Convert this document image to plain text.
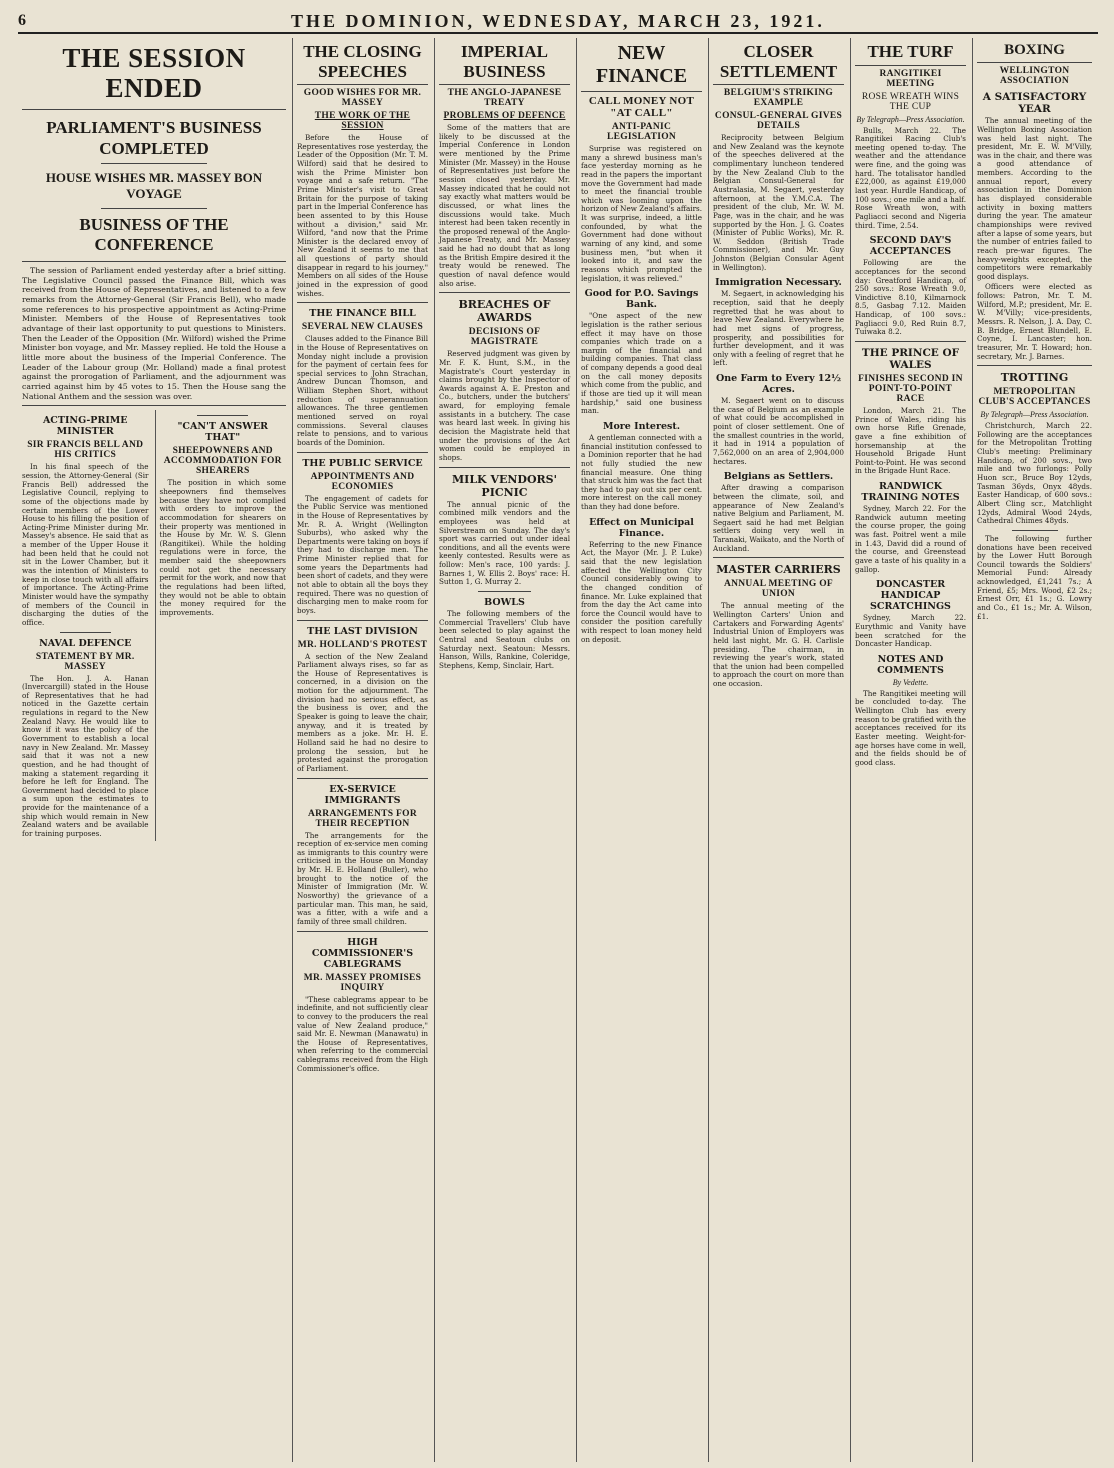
6	THE DOMINION, WEDNESDAY, MARCH 23, 1921.
THE SESSION ENDED
PARLIAMENT'S BUSINESS COMPLETED
HOUSE WISHES MR. MASSEY BON VOYAGE
BUSINESS OF THE CONFERENCE

The session of Parliament ended yesterday after a brief sitting. The Legislative Council passed the Finance Bill, which was received from the House of Representatives, and listened to a few remarks from the Attorney-General (Sir Francis Bell), who made some references to his prospective appointment as Acting-Prime Minister. Members of the House of Representatives took advantage of their last opportunity to put questions to Ministers. Then the Leader of the Opposition (Mr. Wilford) wished the Prime Minister bon voyage, and Mr. Massey replied. He told the House a little more about the business of the Imperial Conference. The Leader of the Labour group (Mr. Holland) made a final protest against the prorogation of Parliament, and the adjournment was carried against him by 45 votes to 15. Then the House sang the National Anthem and the session was over.

ACTING-PRIME MINISTER
SIR FRANCIS BELL AND HIS CRITICS

In his final speech of the session, the Attorney-General (Sir Francis Bell) addressed the Legislative Council, replying to some of the objections made by certain members of the Lower House to his filling the position of Acting-Prime Minister during Mr. Massey's absence. He said that as a member of the Upper House it had been held that he could not sit in the Lower Chamber, but it was the intention of Ministers to keep in close touch with all affairs of importance. The Acting-Prime Minister would have the sympathy of members of the Council in discharging the duties of the office.

NAVAL DEFENCE
STATEMENT BY MR. MASSEY

The Hon. J. A. Hanan (Invercargill) stated in the House of Representatives that he had noticed in the Gazette certain regulations in regard to the New Zealand Navy. He would like to know if it was the policy of the Government to establish a local navy in New Zealand. Mr. Massey said that it was not a new question, and he had thought of making a statement regarding it before he left for England. The Government had decided to place a sum upon the estimates to provide for the maintenance of a ship which would remain in New Zealand waters and be available for training purposes.

"CAN'T ANSWER THAT"
SHEEPOWNERS AND ACCOMMODATION FOR SHEARERS

The position in which some sheepowners find themselves because they have not complied with orders to improve the accommodation for shearers on their property was mentioned in the House by Mr. W. S. Glenn (Rangitikei). While the holding regulations were in force, the member said the sheepowners could not get the necessary permit for the work, and now that the regulations had been lifted, they would not be able to obtain the money required for the improvements.

THE CLOSING SPEECHES
GOOD WISHES FOR MR. MASSEY
THE WORK OF THE SESSION

Before the House of Representatives rose yesterday, the Leader of the Opposition (Mr. T. M. Wilford) said that he desired to wish the Prime Minister bon voyage and a safe return. "The Prime Minister's visit to Great Britain for the purpose of taking part in the Imperial Conference has been assented to by this House without a division," said Mr. Wilford, "and now that the Prime Minister is the declared envoy of New Zealand it seems to me that all questions of party should disappear in regard to his journey." Members on all sides of the House joined in the expression of good wishes.

THE FINANCE BILL
SEVERAL NEW CLAUSES

Clauses added to the Finance Bill in the House of Representatives on Monday night include a provision for the payment of certain fees for special services to John Strachan, Andrew Duncan Thomson, and William Stephen Short, without reduction of superannuation allowances. The three gentlemen mentioned served on royal commissions. Several clauses relate to pensions, and to various boards of the Dominion.

THE PUBLIC SERVICE
APPOINTMENTS AND ECONOMIES

The engagement of cadets for the Public Service was mentioned in the House of Representatives by Mr. R. A. Wright (Wellington Suburbs), who asked why the Departments were taking on boys if they had to discharge men. The Prime Minister replied that for some years the Departments had been short of cadets, and they were not able to obtain all the boys they required. There was no question of discharging men to make room for boys.

THE LAST DIVISION
MR. HOLLAND'S PROTEST

A section of the New Zealand Parliament always rises, so far as the House of Representatives is concerned, in a division on the motion for the adjournment. The division had no serious effect, as the business is over, and the Speaker is going to leave the chair, anyway, and it is treated by members as a joke. Mr. H. E. Holland said he had no desire to prolong the session, but he protested against the prorogation of Parliament.

EX-SERVICE IMMIGRANTS
ARRANGEMENTS FOR THEIR RECEPTION

The arrangements for the reception of ex-service men coming as immigrants to this country were criticised in the House on Monday by Mr. H. E. Holland (Buller), who brought to the notice of the Minister of Immigration (Mr. W. Nosworthy) the grievance of a particular man. This man, he said, was a fitter, with a wife and a family of three small children.

HIGH COMMISSIONER'S CABLEGRAMS
MR. MASSEY PROMISES INQUIRY

"These cablegrams appear to be indefinite, and not sufficiently clear to convey to the producers the real value of New Zealand produce," said Mr. E. Newman (Manawatu) in the House of Representatives, when referring to the commercial cablegrams received from the High Commissioner's office.

IMPERIAL BUSINESS
THE ANGLO-JAPANESE TREATY
PROBLEMS OF DEFENCE

Some of the matters that are likely to be discussed at the Imperial Conference in London were mentioned by the Prime Minister (Mr. Massey) in the House of Representatives just before the session closed yesterday. Mr. Massey indicated that he could not say exactly what matters would be discussed, or what lines the discussions would take. Much interest had been taken recently in the proposed renewal of the Anglo-Japanese Treaty, and Mr. Massey said he had no doubt that as long as the British Empire desired it the treaty would be renewed. The question of naval defence would also arise.

BREACHES OF AWARDS
DECISIONS OF MAGISTRATE

Reserved judgment was given by Mr. F. K. Hunt, S.M., in the Magistrate's Court yesterday in claims brought by the Inspector of Awards against A. E. Preston and Co., butchers, under the butchers' award, for employing female assistants in a butchery. The case was heard last week. In giving his decision the Magistrate held that under the provisions of the Act women could be employed in shops.

MILK VENDORS' PICNIC

The annual picnic of the combined milk vendors and the employees was held at Silverstream on Sunday. The day's sport was carried out under ideal conditions, and all the events were keenly contested. Results were as follow: Men's race, 100 yards: J. Barnes 1, W. Ellis 2. Boys' race: H. Sutton 1, G. Murray 2.

BOWLS

The following members of the Commercial Travellers' Club have been selected to play against the Central and Seatoun clubs on Saturday next. Seatoun: Messrs. Hanson, Wills, Rankine, Coleridge, Stephens, Kemp, Sinclair, Hart.

NEW FINANCE
CALL MONEY NOT "AT CALL"
ANTI-PANIC LEGISLATION

Surprise was registered on many a shrewd business man's face yesterday morning as he read in the papers the important move the Government had made to meet the financial trouble which was looming upon the horizon of New Zealand's affairs. It was surprise, indeed, a little confounded, by what the Government had done without warning of any kind, and some business men, "but when it looked into it, and saw the reasons which prompted the legislation, it was relieved."

Good for P.O. Savings Bank.

"One aspect of the new legislation is the rather serious effect it may have on those companies which trade on a margin of the financial and building companies. That class of company depends a good deal on the call money deposits which come from the public, and if those are tied up it will mean hardship," said one business man.

More Interest.

A gentleman connected with a financial institution confessed to a Dominion reporter that he had not fully studied the new financial measure. One thing that struck him was the fact that they had to pay out six per cent. more interest on the call money than they had done before.

Effect on Municipal Finance.

Referring to the new Finance Act, the Mayor (Mr. J. P. Luke) said that the new legislation affected the Wellington City Council considerably owing to the changed condition of finance. Mr. Luke explained that from the day the Act came into force the Council would have to consider the position carefully with respect to loan money held on deposit.

CLOSER SETTLEMENT
BELGIUM'S STRIKING EXAMPLE
CONSUL-GENERAL GIVES DETAILS

Reciprocity between Belgium and New Zealand was the keynote of the speeches delivered at the complimentary luncheon tendered by the New Zealand Club to the Belgian Consul-General for Australasia, M. Segaert, yesterday afternoon, at the Y.M.C.A. The president of the club, Mr. W. M. Page, was in the chair, and he was supported by the Hon. J. G. Coates (Minister of Public Works), Mr. R. W. Seddon (British Trade Commissioner), and Mr. Guy Johnston (Belgian Consular Agent in Wellington).

Immigration Necessary.

M. Segaert, in acknowledging his reception, said that he deeply regretted that he was about to leave New Zealand. Everywhere he had met signs of progress, prosperity, and possibilities for further development, and it was only with a feeling of regret that he left.

One Farm to Every 12½ Acres.

M. Segaert went on to discuss the case of Belgium as an example of what could be accomplished in point of closer settlement. One of the smallest countries in the world, it had in 1914 a population of 7,562,000 on an area of 2,904,000 hectares.

Belgians as Settlers.

After drawing a comparison between the climate, soil, and appearance of New Zealand's native Belgium and Parliament, M. Segaert said he had met Belgian settlers doing very well in Taranaki, Waikato, and the North of Auckland.

MASTER CARRIERS
ANNUAL MEETING OF UNION

The annual meeting of the Wellington Carters' Union and Cartakers and Forwarding Agents' Industrial Union of Employers was held last night, Mr. G. H. Carlisle presiding. The chairman, in reviewing the year's work, stated that the union had been compelled to approach the court on more than one occasion.

THE TURF
RANGITIKEI MEETING
ROSE WREATH WINS THE CUP
By Telegraph—Press Association.

Bulls, March 22. The Rangitikei Racing Club's meeting opened to-day. The weather and the attendance were fine, and the going was hard. The totalisator handled £22,000, as against £19,000 last year. Hurdle Handicap, of 100 sovs.; one mile and a half. Rose Wreath won, with Pagliacci second and Nigeria third. Time, 2.54.

SECOND DAY'S ACCEPTANCES

Following are the acceptances for the second day: Greatford Handicap, of 250 sovs.: Rose Wreath 9.0, Vindictive 8.10, Kilmarnock 8.5, Gasbag 7.12. Maiden Handicap, of 100 sovs.: Pagliacci 9.0, Red Ruin 8.7, Tuiwaka 8.2.

THE PRINCE OF WALES
FINISHES SECOND IN POINT-TO-POINT RACE

London, March 21. The Prince of Wales, riding his own horse Rifle Grenade, gave a fine exhibition of horsemanship at the Household Brigade Hunt Point-to-Point. He was second in the Brigade Hunt Race.

RANDWICK TRAINING NOTES

Sydney, March 22. For the Randwick autumn meeting the course proper, the going was fast. Poitrel went a mile in 1.43, David did a round of the course, and Greenstead gave a taste of his quality in a gallop.

DONCASTER HANDICAP SCRATCHINGS

Sydney, March 22. Eurythmic and Vanity have been scratched for the Doncaster Handicap.

NOTES AND COMMENTS
By Vedette.

The Rangitikei meeting will be concluded to-day. The Wellington Club has every reason to be gratified with the acceptances received for its Easter meeting. Weight-for-age horses have come in well, and the fields should be of good class.

BOXING
WELLINGTON ASSOCIATION
A SATISFACTORY YEAR

The annual meeting of the Wellington Boxing Association was held last night. The president, Mr. E. W. M'Villy, was in the chair, and there was a good attendance of members. According to the annual report, every association in the Dominion has displayed considerable activity in boxing matters during the year. The amateur championships were revived after a lapse of some years, but the number of entries failed to reach pre-war figures. The heavy-weights excepted, the competitors were remarkably good displays.

Officers were elected as follows: Patron, Mr. T. M. Wilford, M.P.; president, Mr. E. W. M'Villy; vice-presidents, Messrs. R. Nelson, J. A. Day, C. B. Bridge, Ernest Blundell, E. Coyne, I. Lancaster; hon. treasurer, Mr. T. Howard; hon. secretary, Mr. J. Barnes.

TROTTING
METROPOLITAN CLUB'S ACCEPTANCES
By Telegraph—Press Association.

Christchurch, March 22. Following are the acceptances for the Metropolitan Trotting Club's meeting: Preliminary Handicap, of 200 sovs., two mile and two furlongs: Polly Huon scr., Bruce Boy 12yds, Tasman 36yds, Onyx 48yds. Easter Handicap, of 600 sovs.: Albert Cling scr., Matchlight 12yds, Admiral Wood 24yds, Cathedral Chimes 48yds.

The following further donations have been received by the Lower Hutt Borough Council towards the Soldiers' Memorial Fund: Already acknowledged, £1,241 7s.; A Friend, £5; Mrs. Wood, £2 2s.; Ernest Orr, £1 1s.; G. Lowry and Co., £1 1s.; Mr. A. Wilson, £1.
